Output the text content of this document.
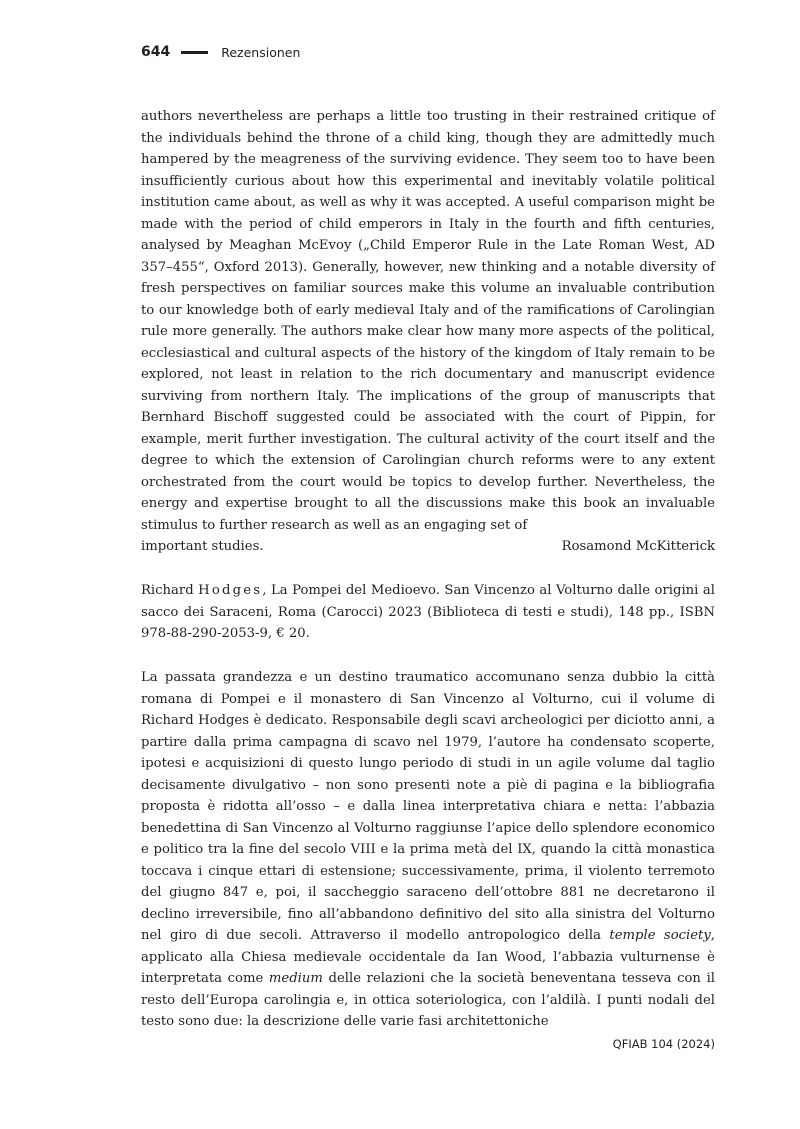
644	Rezensionen

authors nevertheless are perhaps a little too trusting in their restrained critique of the individuals behind the throne of a child king, though they are admittedly much hampered by the meagreness of the surviving evidence. They seem too to have been insufficiently curious about how this experimental and inevitably volatile political institution came about, as well as why it was accepted. A useful comparison might be made with the period of child emperors in Italy in the fourth and fifth centuries, analysed by Meaghan McEvoy („Child Emperor Rule in the Late Roman West, AD 357–455“, Oxford 2013). Generally, however, new thinking and a notable diversity of fresh perspectives on familiar sources make this volume an invaluable contribution to our knowledge both of early medieval Italy and of the ramifications of Carolingian rule more generally. The authors make clear how many more aspects of the political, ecclesiastical and cultural aspects of the history of the kingdom of Italy remain to be explored, not least in relation to the rich documentary and manuscript evidence surviving from northern Italy. The implications of the group of manuscripts that Bernhard Bischoff suggested could be associated with the court of Pippin, for example, merit further investigation. The cultural activity of the court itself and the degree to which the extension of Carolingian church reforms were to any extent orchestrated from the court would be topics to develop further. Nevertheless, the energy and expertise brought to all the discussions make this book an invaluable stimulus to further research as well as an engaging set of

important studies.	Rosamond McKitterick
Richard Hodges, La Pompei del Medioevo. San Vincenzo al Volturno dalle origini al sacco dei Saraceni, Roma (Carocci) 2023 (Biblioteca di testi e studi), 148 pp., ISBN 978-88-290-2053-9, € 20.

La passata grandezza e un destino traumatico accomunano senza dubbio la città romana di Pompei e il monastero di San Vincenzo al Volturno, cui il volume di Richard Hodges è dedicato. Responsabile degli scavi archeologici per diciotto anni, a partire dalla prima campagna di scavo nel 1979, l’autore ha condensato scoperte, ipotesi e acquisizioni di questo lungo periodo di studi in un agile volume dal taglio decisamente divulgativo – non sono presenti note a piè di pagina e la bibliografia proposta è ridotta all’osso – e dalla linea interpretativa chiara e netta: l’abbazia benedettina di San Vincenzo al Volturno raggiunse l’apice dello splendore economico e politico tra la fine del secolo VIII e la prima metà del IX, quando la città monastica toccava i cinque ettari di estensione; successivamente, prima, il violento terremoto del giugno 847 e, poi, il saccheggio saraceno dell’ottobre 881 ne decretarono il declino irreversibile, fino all’abbandono definitivo del sito alla sinistra del Volturno nel giro di due secoli. Attraverso il modello antropologico della temple society, applicato alla Chiesa medievale occidentale da Ian Wood, l’abbazia vulturnense è interpretata come medium delle relazioni che la società beneventana tesseva con il resto dell’Europa carolingia e, in ottica soteriologica, con l’aldilà. I punti nodali del testo sono due: la descrizione delle varie fasi architettoniche

QFIAB 104 (2024)
